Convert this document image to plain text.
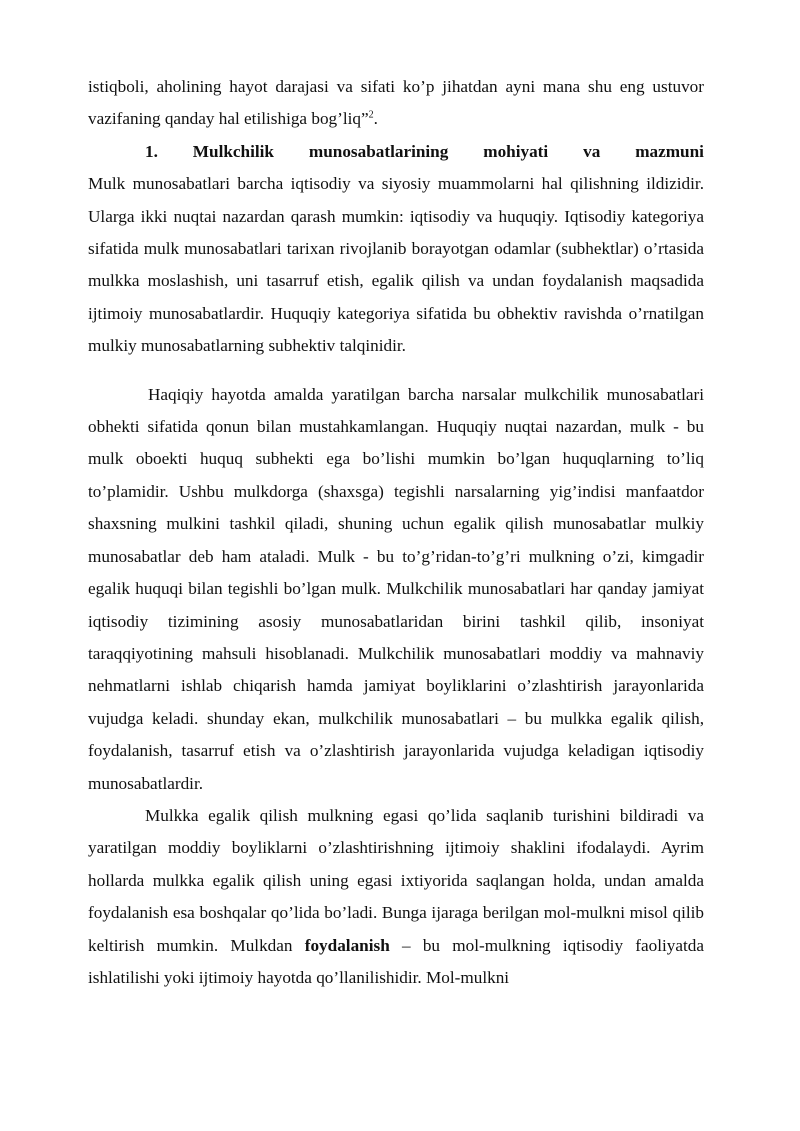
istiqboli, aholining hayot darajasi va sifati ko’p jihatdan ayni mana shu eng ustuvor vazifaning qanday hal etilishiga bog’liq”$^2$.

1. Mulkchilik munosabatlarining mohiyati va mazmuni

Mulk munosabatlari barcha iqtisodiy va siyosiy muammolarni hal qilishning ildizidir. Ularga ikki nuqtai nazardan qarash mumkin: iqtisodiy va huquqiy. Iqtisodiy kategoriya sifatida mulk munosabatlari tarixan rivojlanib borayotgan odamlar (subhektlar) o’rtasida mulkka moslashish, uni tasarruf etish, egalik qilish va undan foydalanish maqsadida ijtimoiy munosabatlardir. Huquqiy kategoriya sifatida bu obhektiv ravishda o’rnatilgan mulkiy munosabatlarning subhektiv talqinidir.

Haqiqiy hayotda amalda yaratilgan barcha narsalar mulkchilik munosabatlari obhekti sifatida qonun bilan mustahkamlangan. Huquqiy nuqtai nazardan, mulk - bu mulk oboekti huquq subhekti ega bo’lishi mumkin bo’lgan huquqlarning to’liq to’plamidir. Ushbu mulkdorga (shaxsga) tegishli narsalarning yig’indisi manfaatdor shaxsning mulkini tashkil qiladi, shuning uchun egalik qilish munosabatlar mulkiy munosabatlar deb ham ataladi. Mulk - bu to’g’ridan-to’g’ri mulkning o’zi, kimgadir egalik huquqi bilan tegishli bo’lgan mulk. Mulkchilik munosabatlari har qanday jamiyat iqtisodiy tizimining asosiy munosabatlaridan birini tashkil qilib, insoniyat taraqqiyotining mahsuli hisoblanadi. Mulkchilik munosabatlari moddiy va mahnaviy nehmatlarni ishlab chiqarish hamda jamiyat boyliklarini o’zlashtirish jarayonlarida vujudga keladi. shunday ekan, mulkchilik munosabatlari – bu mulkka egalik qilish, foydalanish, tasarruf etish va o’zlashtirish jarayonlarida vujudga keladigan iqtisodiy munosabatlardir.

Mulkka egalik qilish mulkning egasi qo’lida saqlanib turishini bildiradi va yaratilgan moddiy boyliklarni o’zlashtirishning ijtimoiy shaklini ifodalaydi. Ayrim hollarda mulkka egalik qilish uning egasi ixtiyorida saqlangan holda, undan amalda foydalanish esa boshqalar qo’lida bo’ladi. Bunga ijaraga berilgan mol-mulkni misol qilib keltirish mumkin. Mulkdan foydalanish – bu mol-mulkning iqtisodiy faoliyatda ishlatilishi yoki ijtimoiy hayotda qo’llanilishidir. Mol-mulkni
